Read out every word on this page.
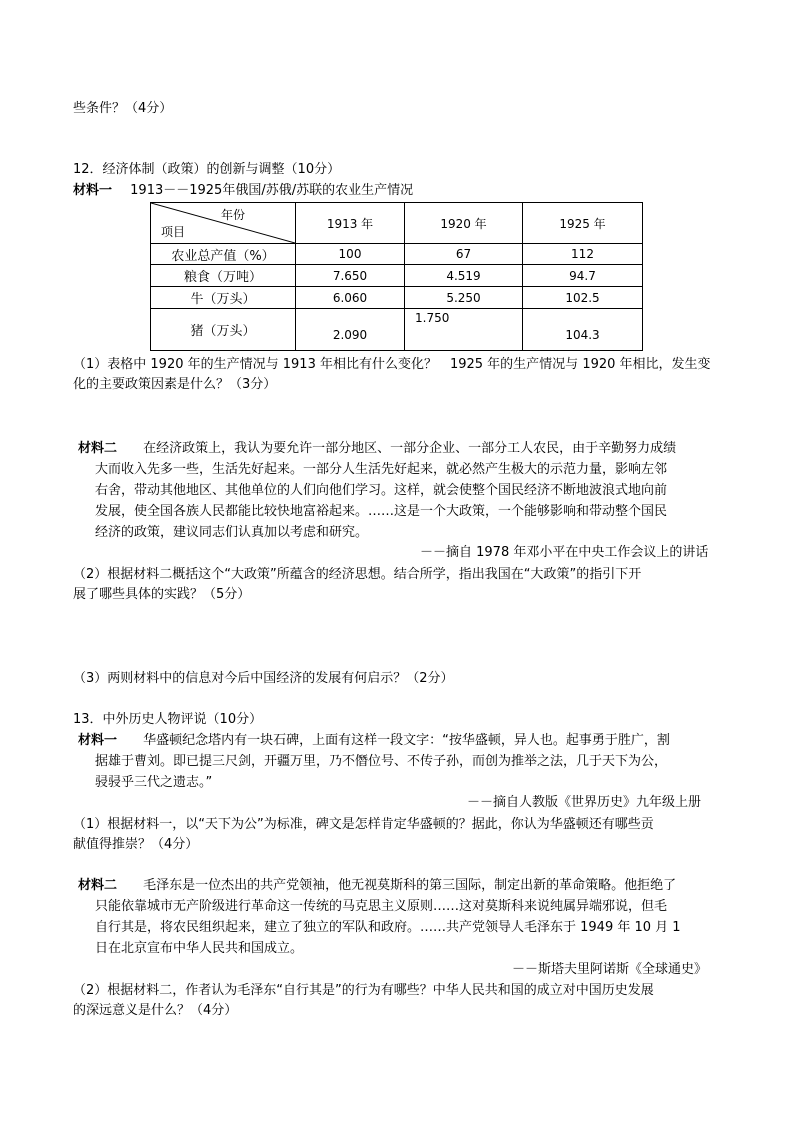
些条件？（4分）
12．经济体制（政策）的创新与调整（10分）
材料一 1913－－1925年俄国/苏俄/苏联的农业生产情况
年份
项目	1913 年	1920 年	1925 年
农业总产值（%）	100	67	112
粮食（万吨）	7.650	4.519	94.7
牛（万头）	6.060	5.250	102.5
猪（万头）	2.090	1.750	104.3
（1）表格中 1920 年的生产情况与 1913 年相比有什么变化？　1925 年的生产情况与 1920 年相比，发生变
化的主要政策因素是什么？（3分）
材料二 在经济政策上，我认为要允许一部分地区、一部分企业、一部分工人农民，由于辛勤努力成绩
大而收入先多一些，生活先好起来。一部分人生活先好起来，就必然产生极大的示范力量，影响左邻
右舍，带动其他地区、其他单位的人们向他们学习。这样，就会使整个国民经济不断地波浪式地向前
发展，使全国各族人民都能比较快地富裕起来。……这是一个大政策，一个能够影响和带动整个国民
经济的政策，建议同志们认真加以考虑和研究。
－－摘自 1978 年邓小平在中央工作会议上的讲话
（2）根据材料二概括这个“大政策”所蕴含的经济思想。结合所学，指出我国在“大政策”的指引下开
展了哪些具体的实践？（5分）
（3）两则材料中的信息对今后中国经济的发展有何启示？（2分）
13．中外历史人物评说（10分）
材料一 华盛顿纪念塔内有一块石碑，上面有这样一段文字：“按华盛顿，异人也。起事勇于胜广，割
据雄于曹刘。即已提三尺剑，开疆万里，乃不僭位号、不传子孙，而创为推举之法，几于天下为公，
骎骎乎三代之遗志。”
－－摘自人教版《世界历史》九年级上册
（1）根据材料一，以“天下为公”为标准，碑文是怎样肯定华盛顿的？据此，你认为华盛顿还有哪些贡
献值得推崇？（4分）
材料二 毛泽东是一位杰出的共产党领袖，他无视莫斯科的第三国际，制定出新的革命策略。他拒绝了
只能依靠城市无产阶级进行革命这一传统的马克思主义原则……这对莫斯科来说纯属异端邪说，但毛
自行其是，将农民组织起来，建立了独立的军队和政府。……共产党领导人毛泽东于 1949 年 10 月 1
日在北京宣布中华人民共和国成立。
－－斯塔夫里阿诺斯《全球通史》
（2）根据材料二，作者认为毛泽东“自行其是”的行为有哪些？中华人民共和国的成立对中国历史发展
的深远意义是什么？（4分）
